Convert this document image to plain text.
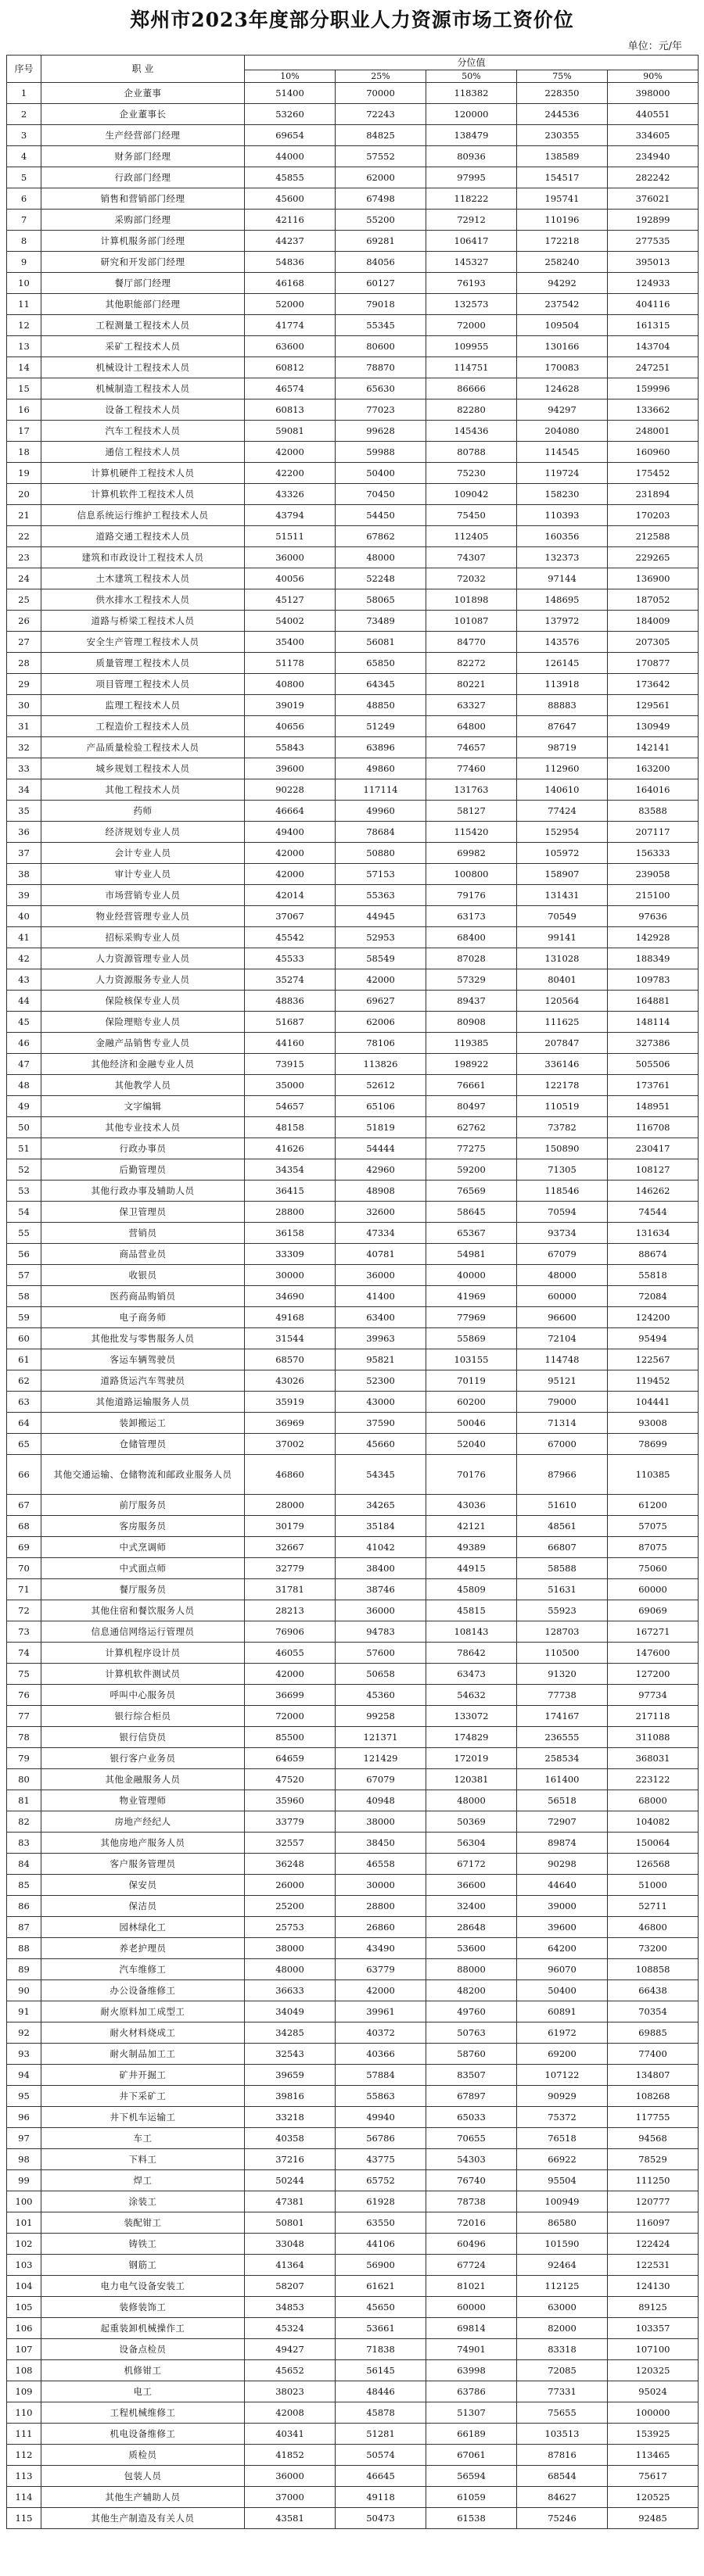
郑州市2023年度部分职业人力资源市场工资价位
单位：元/年
序号	职 业	分位值				
		10%	25%	50%	75%	90%
1	企业董事	51400	70000	118382	228350	398000
2	企业董事长	53260	72243	120000	244536	440551
3	生产经营部门经理	69654	84825	138479	230355	334605
4	财务部门经理	44000	57552	80936	138589	234940
5	行政部门经理	45855	62000	97995	154517	282242
6	销售和营销部门经理	45600	67498	118222	195741	376021
7	采购部门经理	42116	55200	72912	110196	192899
8	计算机服务部门经理	44237	69281	106417	172218	277535
9	研究和开发部门经理	54836	84056	145327	258240	395013
10	餐厅部门经理	46168	60127	76193	94292	124933
11	其他职能部门经理	52000	79018	132573	237542	404116
12	工程测量工程技术人员	41774	55345	72000	109504	161315
13	采矿工程技术人员	63600	80600	109955	130166	143704
14	机械设计工程技术人员	60812	78870	114751	170083	247251
15	机械制造工程技术人员	46574	65630	86666	124628	159996
16	设备工程技术人员	60813	77023	82280	94297	133662
17	汽车工程技术人员	59081	99628	145436	204080	248001
18	通信工程技术人员	42000	59988	80788	114545	160960
19	计算机硬件工程技术人员	42200	50400	75230	119724	175452
20	计算机软件工程技术人员	43326	70450	109042	158230	231894
21	信息系统运行维护工程技术人员	43794	54450	75450	110393	170203
22	道路交通工程技术人员	51511	67862	112405	160356	212588
23	建筑和市政设计工程技术人员	36000	48000	74307	132373	229265
24	土木建筑工程技术人员	40056	52248	72032	97144	136900
25	供水排水工程技术人员	45127	58065	101898	148695	187052
26	道路与桥梁工程技术人员	54002	73489	101087	137972	184009
27	安全生产管理工程技术人员	35400	56081	84770	143576	207305
28	质量管理工程技术人员	51178	65850	82272	126145	170877
29	项目管理工程技术人员	40800	64345	80221	113918	173642
30	监理工程技术人员	39019	48850	63327	88883	129561
31	工程造价工程技术人员	40656	51249	64800	87647	130949
32	产品质量检验工程技术人员	55843	63896	74657	98719	142141
33	城乡规划工程技术人员	39600	49860	77460	112960	163200
34	其他工程技术人员	90228	117114	131763	140610	164016
35	药师	46664	49960	58127	77424	83588
36	经济规划专业人员	49400	78684	115420	152954	207117
37	会计专业人员	42000	50880	69982	105972	156333
38	审计专业人员	42000	57153	100800	158907	239058
39	市场营销专业人员	42014	55363	79176	131431	215100
40	物业经营管理专业人员	37067	44945	63173	70549	97636
41	招标采购专业人员	45542	52953	68400	99141	142928
42	人力资源管理专业人员	45533	58549	87028	131028	188349
43	人力资源服务专业人员	35274	42000	57329	80401	109783
44	保险核保专业人员	48836	69627	89437	120564	164881
45	保险理赔专业人员	51687	62006	80908	111625	148114
46	金融产品销售专业人员	44160	78106	119385	207847	327386
47	其他经济和金融专业人员	73915	113826	198922	336146	505506
48	其他教学人员	35000	52612	76661	122178	173761
49	文字编辑	54657	65106	80497	110519	148951
50	其他专业技术人员	48158	51819	62762	73782	116708
51	行政办事员	41626	54444	77275	150890	230417
52	后勤管理员	34354	42960	59200	71305	108127
53	其他行政办事及辅助人员	36415	48908	76569	118546	146262
54	保卫管理员	28800	32600	58645	70594	74544
55	营销员	36158	47334	65367	93734	131634
56	商品营业员	33309	40781	54981	67079	88674
57	收银员	30000	36000	40000	48000	55818
58	医药商品购销员	34690	41400	41969	60000	72084
59	电子商务师	49168	63400	77969	96600	124200
60	其他批发与零售服务人员	31544	39963	55869	72104	95494
61	客运车辆驾驶员	68570	95821	103155	114748	122567
62	道路货运汽车驾驶员	43026	52300	70119	95121	119452
63	其他道路运输服务人员	35919	43000	60200	79000	104441
64	装卸搬运工	36969	37590	50046	71314	93008
65	仓储管理员	37002	45660	52040	67000	78699
66	其他交通运输、仓储物流和邮政业服务人员	46860	54345	70176	87966	110385
67	前厅服务员	28000	34265	43036	51610	61200
68	客房服务员	30179	35184	42121	48561	57075
69	中式烹调师	32667	41042	49389	66807	87075
70	中式面点师	32779	38400	44915	58588	75060
71	餐厅服务员	31781	38746	45809	51631	60000
72	其他住宿和餐饮服务人员	28213	36000	45815	55923	69069
73	信息通信网络运行管理员	76906	94783	108143	128703	167271
74	计算机程序设计员	46055	57600	78642	110500	147600
75	计算机软件测试员	42000	50658	63473	91320	127200
76	呼叫中心服务员	36699	45360	54632	77738	97734
77	银行综合柜员	72000	99258	133072	174167	217118
78	银行信贷员	85500	121371	174829	236555	311088
79	银行客户业务员	64659	121429	172019	258534	368031
80	其他金融服务人员	47520	67079	120381	161400	223122
81	物业管理师	35960	40948	48000	56518	68000
82	房地产经纪人	33779	38000	50369	72907	104082
83	其他房地产服务人员	32557	38450	56304	89874	150064
84	客户服务管理员	36248	46558	67172	90298	126568
85	保安员	26000	30000	36600	44640	51000
86	保洁员	25200	28800	32400	39000	52711
87	园林绿化工	25753	26860	28648	39600	46800
88	养老护理员	38000	43490	53600	64200	73200
89	汽车维修工	48000	63779	88000	96070	108858
90	办公设备维修工	36633	42000	48200	50400	66438
91	耐火原料加工成型工	34049	39961	49760	60891	70354
92	耐火材料烧成工	34285	40372	50763	61972	69885
93	耐火制品加工工	32543	40366	58760	69200	77400
94	矿井开掘工	39659	57884	83507	107122	134807
95	井下采矿工	39816	55863	67897	90929	108268
96	井下机车运输工	33218	49940	65033	75372	117755
97	车工	40358	56786	70655	76518	94568
98	下料工	37216	43775	54303	66922	78529
99	焊工	50244	65752	76740	95504	111250
100	涂装工	47381	61928	78738	100949	120777
101	装配钳工	50801	63550	72016	86580	116097
102	铸铁工	33048	44106	60496	101590	122424
103	钢筋工	41364	56900	67724	92464	122531
104	电力电气设备安装工	58207	61621	81021	112125	124130
105	装修装饰工	34853	45650	60000	63000	89125
106	起重装卸机械操作工	45324	53661	69814	82000	103357
107	设备点检员	49427	71838	74901	83318	107100
108	机修钳工	45652	56145	63998	72085	120325
109	电工	38023	48446	63786	77331	95024
110	工程机械维修工	42008	45878	51307	75655	100000
111	机电设备维修工	40341	51281	66189	103513	153925
112	质检员	41852	50574	67061	87816	113465
113	包装人员	36000	46645	56594	68544	75617
114	其他生产辅助人员	37000	49118	61059	84627	120525
115	其他生产制造及有关人员	43581	50473	61538	75246	92485
